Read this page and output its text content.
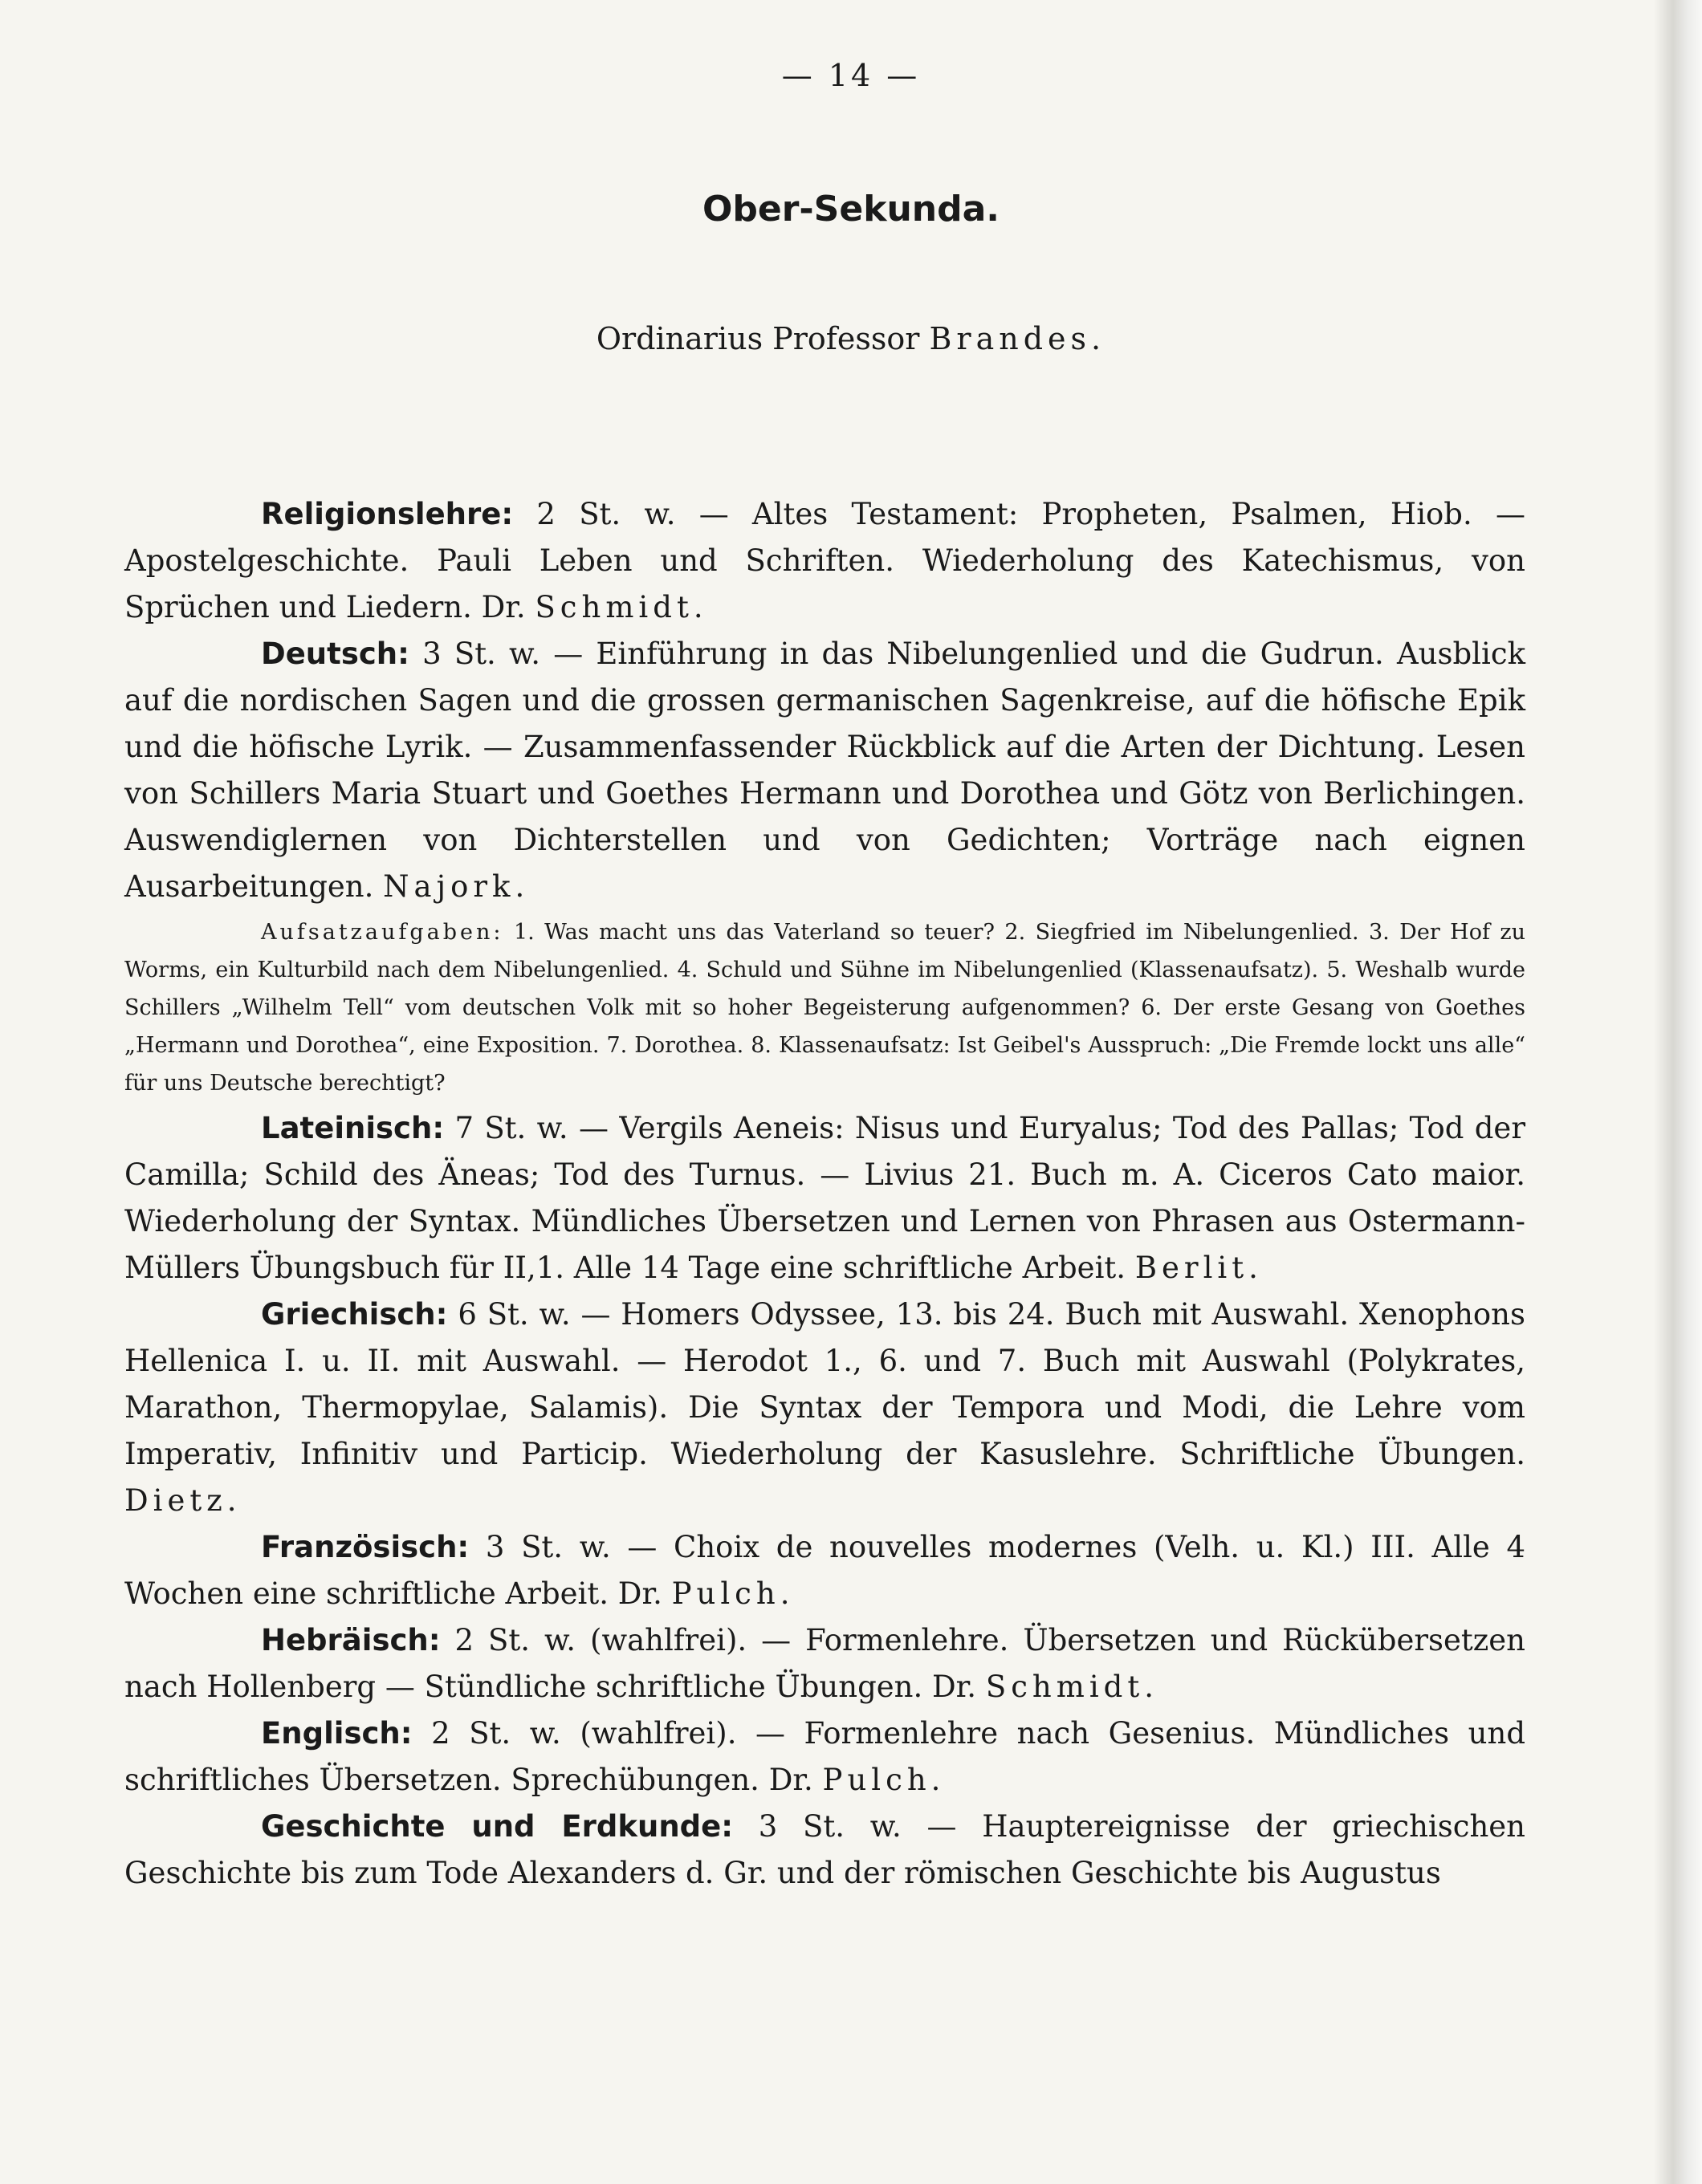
— 14 —
Ober-Sekunda.
Ordinarius Professor Brandes.

Religionslehre: 2 St. w. — Altes Testament: Propheten, Psalmen, Hiob. — Apostelgeschichte. Pauli Leben und Schriften. Wiederholung des Katechismus, von Sprüchen und Liedern. Dr. Schmidt.

Deutsch: 3 St. w. — Einführung in das Nibelungenlied und die Gudrun. Ausblick auf die nordischen Sagen und die grossen germanischen Sagenkreise, auf die höfische Epik und die höfische Lyrik. — Zusammenfassender Rückblick auf die Arten der Dichtung. Lesen von Schillers Maria Stuart und Goethes Hermann und Dorothea und Götz von Berlichingen. Auswendiglernen von Dichterstellen und von Gedichten; Vorträge nach eignen Ausarbeitungen. Najork.

Aufsatzaufgaben: 1. Was macht uns das Vaterland so teuer? 2. Siegfried im Nibelungenlied. 3. Der Hof zu Worms, ein Kulturbild nach dem Nibelungenlied. 4. Schuld und Sühne im Nibelungenlied (Klassenaufsatz). 5. Weshalb wurde Schillers „Wilhelm Tell“ vom deutschen Volk mit so hoher Begeisterung aufgenommen? 6. Der erste Gesang von Goethes „Hermann und Dorothea“, eine Exposition. 7. Dorothea. 8. Klassenaufsatz: Ist Geibel's Ausspruch: „Die Fremde lockt uns alle“ für uns Deutsche berechtigt?

Lateinisch: 7 St. w. — Vergils Aeneis: Nisus und Euryalus; Tod des Pallas; Tod der Camilla; Schild des Äneas; Tod des Turnus. — Livius 21. Buch m. A. Ciceros Cato maior. Wiederholung der Syntax. Mündliches Übersetzen und Lernen von Phrasen aus Ostermann-Müllers Übungsbuch für II,1. Alle 14 Tage eine schriftliche Arbeit. Berlit.

Griechisch: 6 St. w. — Homers Odyssee, 13. bis 24. Buch mit Auswahl. Xenophons Hellenica I. u. II. mit Auswahl. — Herodot 1., 6. und 7. Buch mit Auswahl (Polykrates, Marathon, Thermopylae, Salamis). Die Syntax der Tempora und Modi, die Lehre vom Imperativ, Infinitiv und Particip. Wiederholung der Kasuslehre. Schriftliche Übungen. Dietz.

Französisch: 3 St. w. — Choix de nouvelles modernes (Velh. u. Kl.) III. Alle 4 Wochen eine schriftliche Arbeit. Dr. Pulch.

Hebräisch: 2 St. w. (wahlfrei). — Formenlehre. Übersetzen und Rückübersetzen nach Hollenberg — Stündliche schriftliche Übungen. Dr. Schmidt.

Englisch: 2 St. w. (wahlfrei). — Formenlehre nach Gesenius. Mündliches und schriftliches Übersetzen. Sprechübungen. Dr. Pulch.

Geschichte und Erdkunde: 3 St. w. — Hauptereignisse der griechischen Geschichte bis zum Tode Alexanders d. Gr. und der römischen Geschichte bis Augustus
